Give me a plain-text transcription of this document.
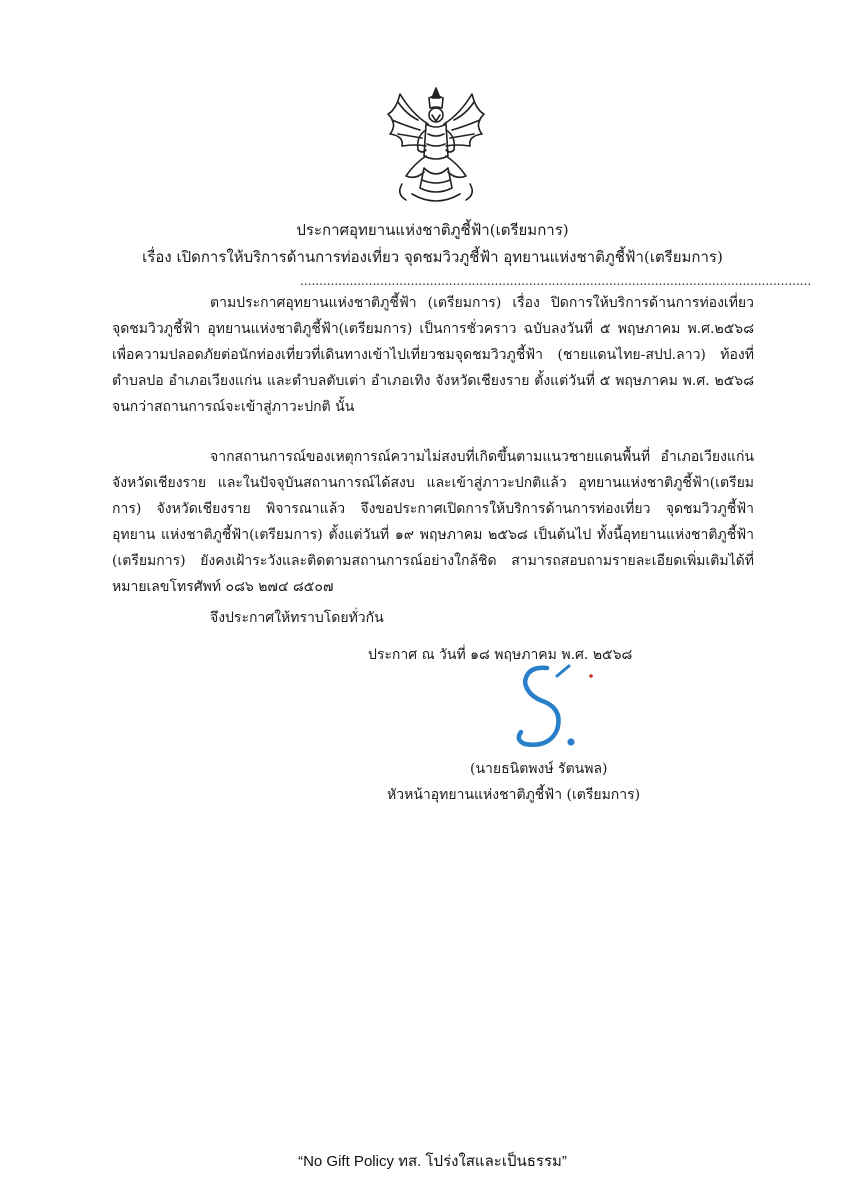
ประกาศอุทยานแห่งชาติภูชี้ฟ้า(เตรียมการ)
เรื่อง เปิดการให้บริการด้านการท่องเที่ยว จุดชมวิวภูชี้ฟ้า อุทยานแห่งชาติภูชี้ฟ้า(เตรียมการ)
......................................................................................................................................

ตามประกาศอุทยานแห่งชาติภูชี้ฟ้า (เตรียมการ) เรื่อง ปิดการให้บริการด้านการท่องเที่ยว จุดชมวิวภูชี้ฟ้า อุทยานแห่งชาติภูชี้ฟ้า(เตรียมการ) เป็นการชั่วคราว ฉบับลงวันที่ ๕ พฤษภาคม พ.ศ.๒๕๖๘ เพื่อความปลอดภัยต่อนักท่องเที่ยวที่เดินทางเข้าไปเที่ยวชมจุดชมวิวภูชี้ฟ้า (ชายแดนไทย-สปป.ลาว) ท้องที่ ตำบลปอ อำเภอเวียงแก่น และตำบลตับเต่า อำเภอเทิง จังหวัดเชียงราย ตั้งแต่วันที่ ๕ พฤษภาคม พ.ศ. ๒๕๖๘ จนกว่าสถานการณ์จะเข้าสู่ภาวะปกติ นั้น

จากสถานการณ์ของเหตุการณ์ความไม่สงบที่เกิดขึ้นตามแนวชายแดนพื้นที่ อำเภอเวียงแก่น จังหวัดเชียงราย และในปัจจุบันสถานการณ์ได้สงบ และเข้าสู่ภาวะปกติแล้ว อุทยานแห่งชาติภูชี้ฟ้า(เตรียมการ) จังหวัดเชียงราย พิจารณาแล้ว จึงขอประกาศเปิดการให้บริการด้านการท่องเที่ยว จุดชมวิวภูชี้ฟ้า อุทยาน แห่งชาติภูชี้ฟ้า(เตรียมการ) ตั้งแต่วันที่ ๑๙ พฤษภาคม ๒๕๖๘ เป็นต้นไป ทั้งนี้อุทยานแห่งชาติภูชี้ฟ้า (เตรียมการ) ยังคงเฝ้าระวังและติดตามสถานการณ์อย่างใกล้ชิด สามารถสอบถามรายละเอียดเพิ่มเติมได้ที่ หมายเลขโทรศัพท์ ๐๘๖ ๒๗๔ ๘๕๐๗

จึงประกาศให้ทราบโดยทั่วกัน

ประกาศ ณ วันที่ ๑๘ พฤษภาคม พ.ศ. ๒๕๖๘

(นายธนิตพงษ์ รัตนพล)

หัวหน้าอุทยานแห่งชาติภูชี้ฟ้า (เตรียมการ)

“No Gift Policy ทส. โปร่งใสและเป็นธรรม”
